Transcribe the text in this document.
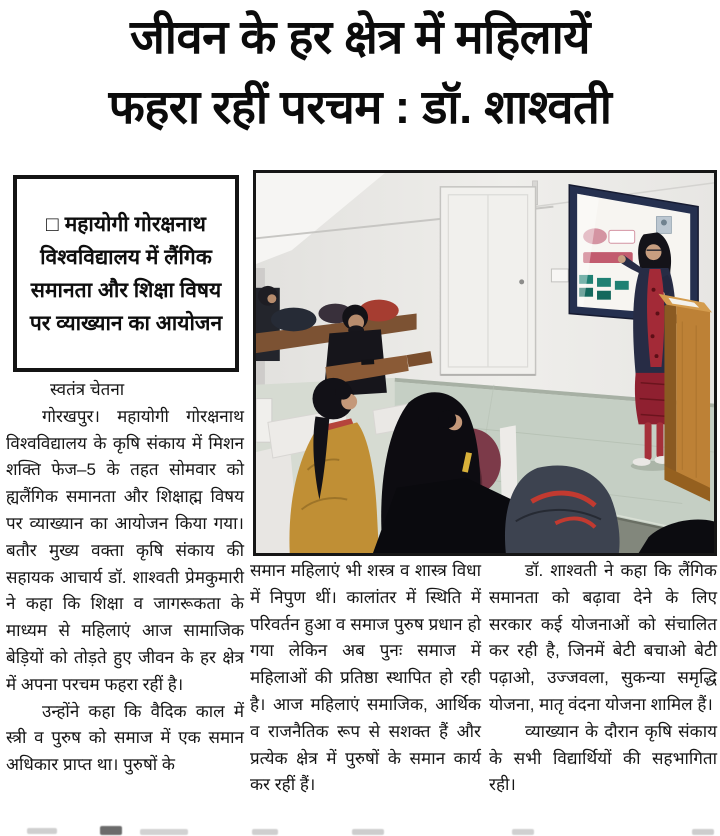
जीवन के हर क्षेत्र में महिलायें
फहरा रहीं परचम : डॉ. शाश्वती
□ महायोगी गोरक्षनाथ विश्वविद्यालय में लैंगिक समानता और शिक्षा विषय पर व्याख्यान का आयोजन

स्वतंत्र चेतना

गोरखपुर। महायोगी गोरक्षनाथ विश्वविद्यालय के कृषि संकाय में मिशन शक्ति फेज–5 के तहत सोमवार को ह्यलैंगिक समानता और शिक्षाह्म विषय पर व्याख्यान का आयोजन किया गया। बतौर मुख्य वक्ता कृषि संकाय की सहायक आचार्य डॉ. शाश्वती प्रेमकुमारी ने कहा कि शिक्षा व जागरूकता के माध्यम से महिलाएं आज सामाजिक बेड़ियों को तोड़ते हुए जीवन के हर क्षेत्र में अपना परचम फहरा रहीं है।

उन्होंने कहा कि वैदिक काल में स्त्री व पुरुष को समाज में एक समान अधिकार प्राप्त था। पुरुषों के

समान महिलाएं भी शस्त्र व शास्त्र विधा में निपुण थीं। कालांतर में स्थिति में परिवर्तन हुआ व समाज पुरुष प्रधान हो गया लेकिन अब पुनः समाज में महिलाओं की प्रतिष्ठा स्थापित हो रही है। आज महिलाएं समाजिक, आर्थिक व राजनैतिक रूप से सशक्त हैं और प्रत्येक क्षेत्र में पुरुषों के समान कार्य कर रहीं हैं।

डॉ. शाश्वती ने कहा कि लैंगिक समानता को बढ़ावा देने के लिए सरकार कई योजनाओं को संचालित कर रही है, जिनमें बेटी बचाओ बेटी पढ़ाओ, उज्जवला, सुकन्या समृद्धि योजना, मातृ वंदना योजना शामिल हैं।

व्याख्यान के दौरान कृषि संकाय के सभी विद्यार्थियों की सहभागिता रही।
